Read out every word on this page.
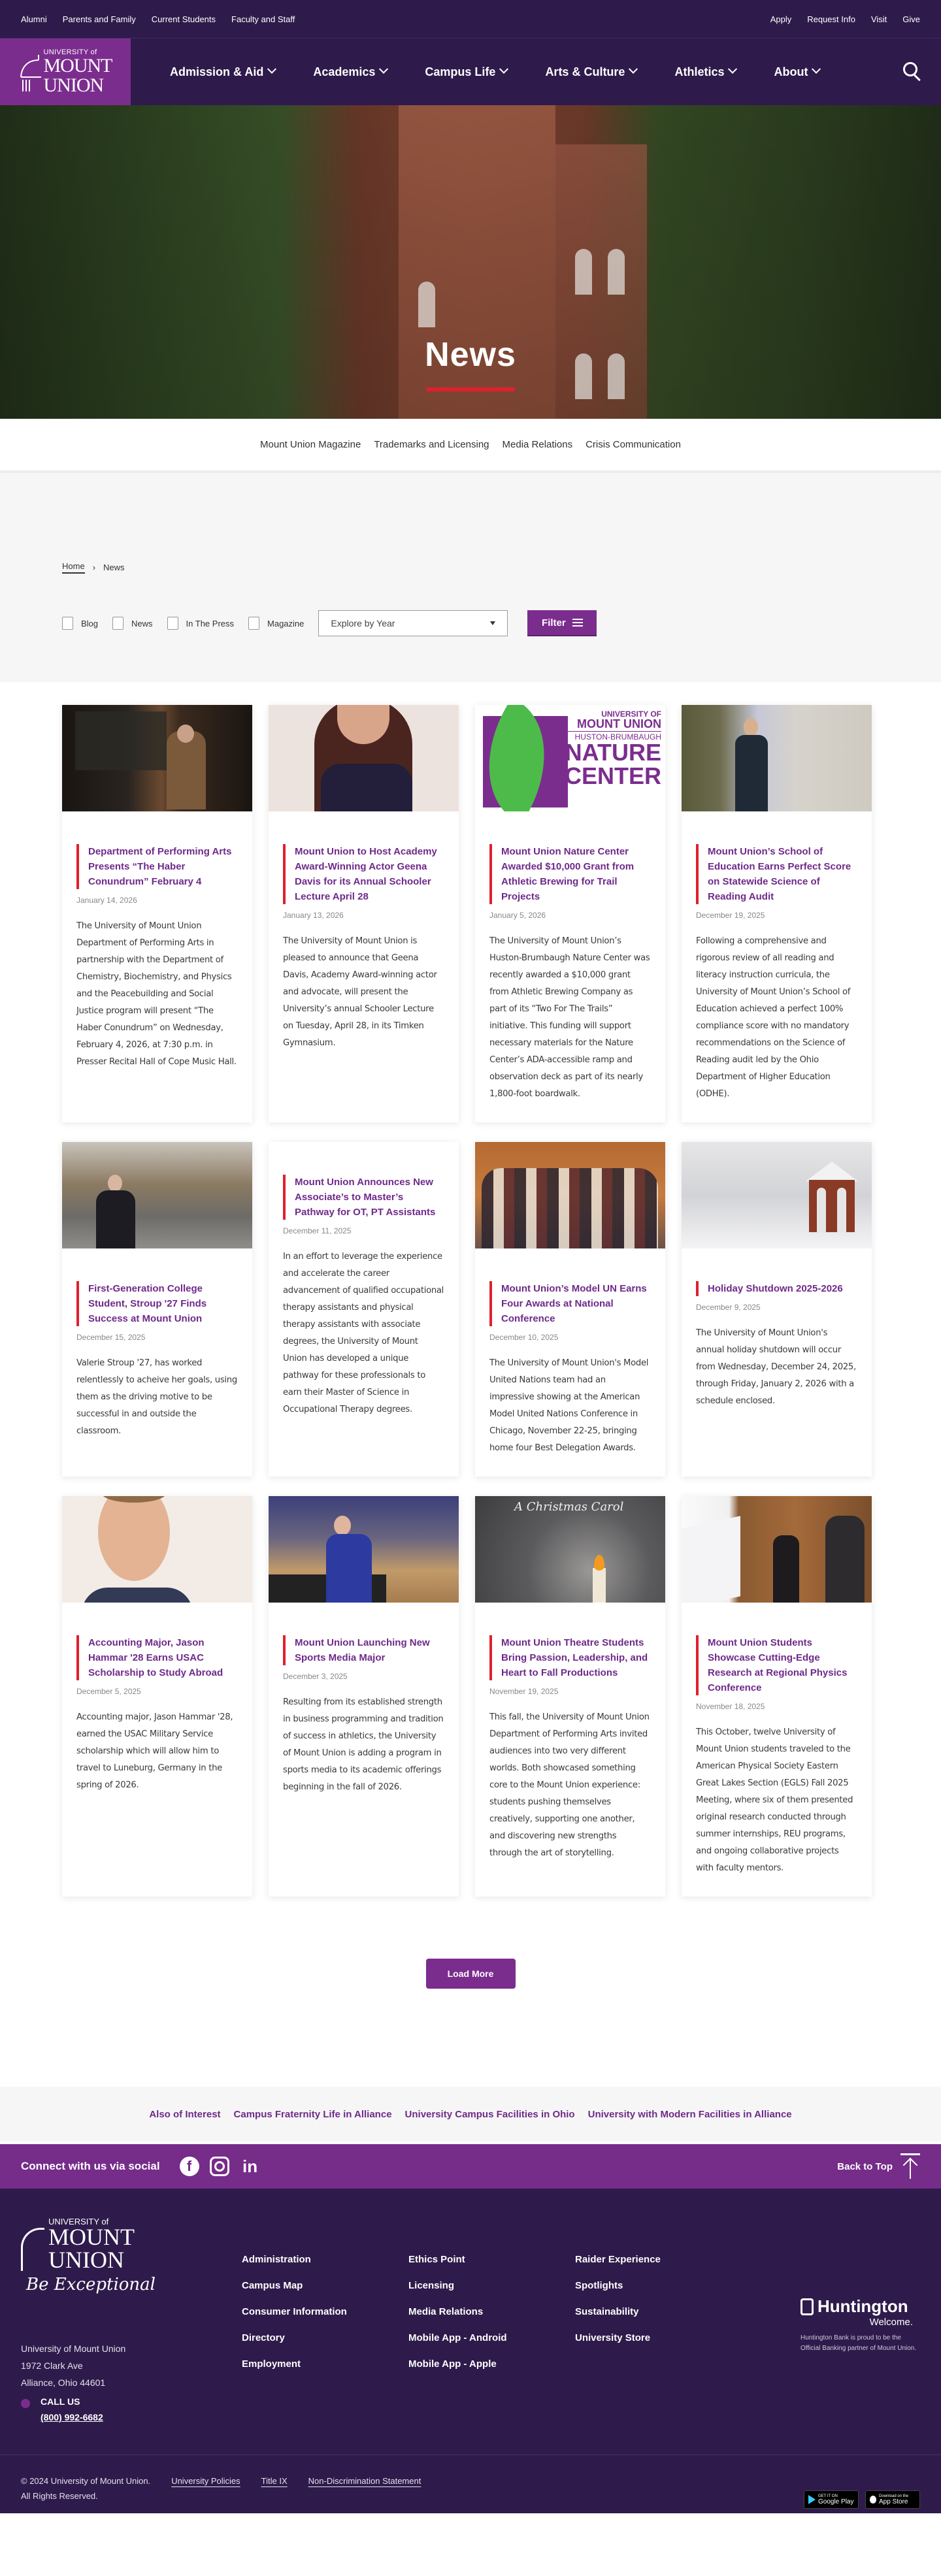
Alumni Parents and Family Current Students Faculty and Staff	Apply Request Info Visit Give
UNIVERSITY of
MOUNT
UNION
Admission & Aid	Academics	Campus Life	Arts & Culture	Athletics	About
News
Mount Union Magazine Trademarks and Licensing Media Relations Crisis Communication
Home › News
Blog	News	In The Press	Magazine	Explore by Year	Filter
Department of Performing Arts Presents “The Haber Conundrum” February 4
January 14, 2026
The University of Mount Union Department of Performing Arts in partnership with the Department of Chemistry, Biochemistry, and Physics and the Peacebuilding and Social Justice program will present “The Haber Conundrum” on Wednesday, February 4, 2026, at 7:30 p.m. in Presser Recital Hall of Cope Music Hall.
Mount Union to Host Academy Award-Winning Actor Geena Davis for its Annual Schooler Lecture April 28
January 13, 2026
The University of Mount Union is pleased to announce that Geena Davis, Academy Award-winning actor and advocate, will present the University’s annual Schooler Lecture on Tuesday, April 28, in its Timken Gymnasium.
UNIVERSITY OF
MOUNT UNION
HUSTON-BRUMBAUGH
NATURE
CENTER
Mount Union Nature Center Awarded $10,000 Grant from Athletic Brewing for Trail Projects
January 5, 2026
The University of Mount Union’s Huston-Brumbaugh Nature Center was recently awarded a $10,000 grant from Athletic Brewing Company as part of its “Two For The Trails” initiative. This funding will support necessary materials for the Nature Center’s ADA-accessible ramp and observation deck as part of its nearly 1,800-foot boardwalk.
Mount Union’s School of Education Earns Perfect Score on Statewide Science of Reading Audit
December 19, 2025
Following a comprehensive and rigorous review of all reading and literacy instruction curricula, the University of Mount Union’s School of Education achieved a perfect 100% compliance score with no mandatory recommendations on the Science of Reading audit led by the Ohio Department of Higher Education (ODHE).
First-Generation College Student, Stroup '27 Finds Success at Mount Union
December 15, 2025
Valerie Stroup '27, has worked relentlessly to acheive her goals, using them as the driving motive to be successful in and outside the classroom.
Mount Union Announces New Associate’s to Master’s Pathway for OT, PT Assistants
December 11, 2025
In an effort to leverage the experience and accelerate the career advancement of qualified occupational therapy assistants and physical therapy assistants with associate degrees, the University of Mount Union has developed a unique pathway for these professionals to earn their Master of Science in Occupational Therapy degrees.
Mount Union’s Model UN Earns Four Awards at National Conference
December 10, 2025
The University of Mount Union's Model United Nations team had an impressive showing at the American Model United Nations Conference in Chicago, November 22-25, bringing home four Best Delegation Awards.
Holiday Shutdown 2025-2026
December 9, 2025
The University of Mount Union's annual holiday shutdown will occur from Wednesday, December 24, 2025, through Friday, January 2, 2026 with a schedule enclosed.
Accounting Major, Jason Hammar '28 Earns USAC Scholarship to Study Abroad
December 5, 2025
Accounting major, Jason Hammar '28, earned the USAC Military Service scholarship which will allow him to travel to Luneburg, Germany in the spring of 2026.
Mount Union Launching New Sports Media Major
December 3, 2025
Resulting from its established strength in business programming and tradition of success in athletics, the University of Mount Union is adding a program in sports media to its academic offerings beginning in the fall of 2026.
A Christmas Carol
Mount Union Theatre Students Bring Passion, Leadership, and Heart to Fall Productions
November 19, 2025
This fall, the University of Mount Union Department of Performing Arts invited audiences into two very different worlds. Both showcased something core to the Mount Union experience: students pushing themselves creatively, supporting one another, and discovering new strengths through the art of storytelling.
Mount Union Students Showcase Cutting-Edge Research at Regional Physics Conference
November 18, 2025
This October, twelve University of Mount Union students traveled to the American Physical Society Eastern Great Lakes Section (EGLS) Fall 2025 Meeting, where six of them presented original research conducted through summer internships, REU programs, and ongoing collaborative projects with faculty mentors.
Load More
Also of Interest Campus Fraternity Life in Alliance University Campus Facilities in Ohio University with Modern Facilities in Alliance
Connect with us via social	f	in	Back to Top
UNIVERSITY of
MOUNT
UNION
Be Exceptional
University of Mount Union
1972 Clark Ave
Alliance, Ohio 44601
CALL US
(800) 992-6682
Administration
Campus Map
Consumer Information
Directory
Employment
Ethics Point
Licensing
Media Relations
Mobile App - Android
Mobile App - Apple
Raider Experience
Spotlights
Sustainability
University Store
Huntington
Welcome.
Huntington Bank is proud to be the Official Banking partner of Mount Union.
© 2024 University of Mount Union. University Policies Title IX Non-Discrimination Statement
All Rights Reserved.	GET IT ON
Google Play
Download on the
App Store
